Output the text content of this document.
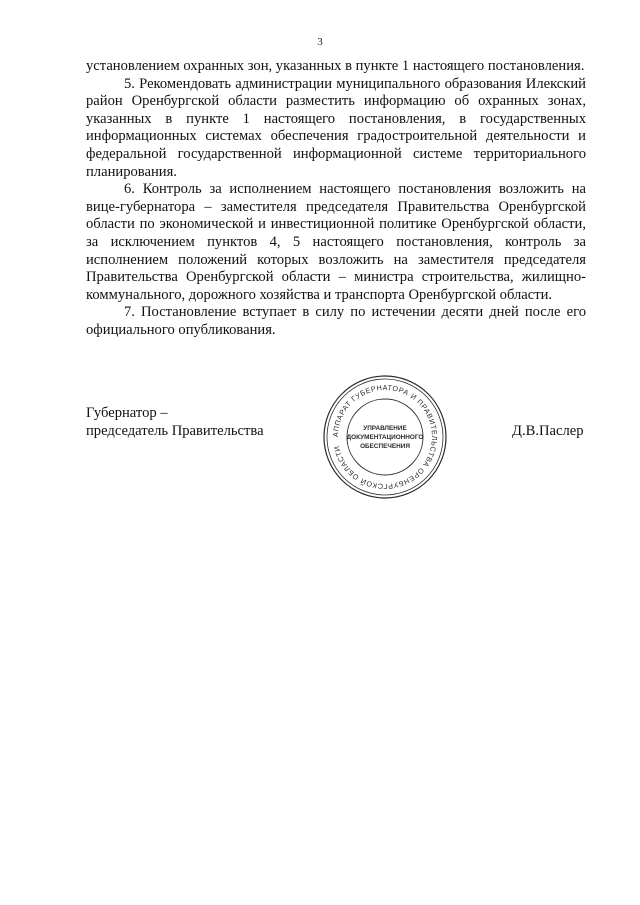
3

установлением охранных зон, указанных в пункте 1 настоящего постановления.

5. Рекомендовать администрации муниципального образования Илекский район Оренбургской области разместить информацию об охранных зонах, указанных в пункте 1 настоящего постановления, в государственных информационных системах обеспечения градостроительной деятельности и федеральной государственной информационной системе территориального планирования.

6. Контроль за исполнением настоящего постановления возложить на вице-губернатора – заместителя председателя Правительства Оренбургской области по экономической и инвестиционной политике Оренбургской области, за исключением пунктов 4, 5 настоящего постановления, контроль за исполнением положений которых возложить на заместителя председателя Правительства Оренбургской области – министра строительства, жилищно-коммунального, дорожного хозяйства и транспорта Оренбургской области.

7. Постановление вступает в силу по истечении десяти дней после его официального опубликования.

Губернатор –
председатель Правительства	Д.В.Паслер
АППАРАТ ГУБЕРНАТОРА И ПРАВИТЕЛЬСТВА ОРЕНБУРГСКОЙ ОБЛАСТИ
УПРАВЛЕНИЕ
ДОКУМЕНТАЦИОННОГО
ОБЕСПЕЧЕНИЯ
